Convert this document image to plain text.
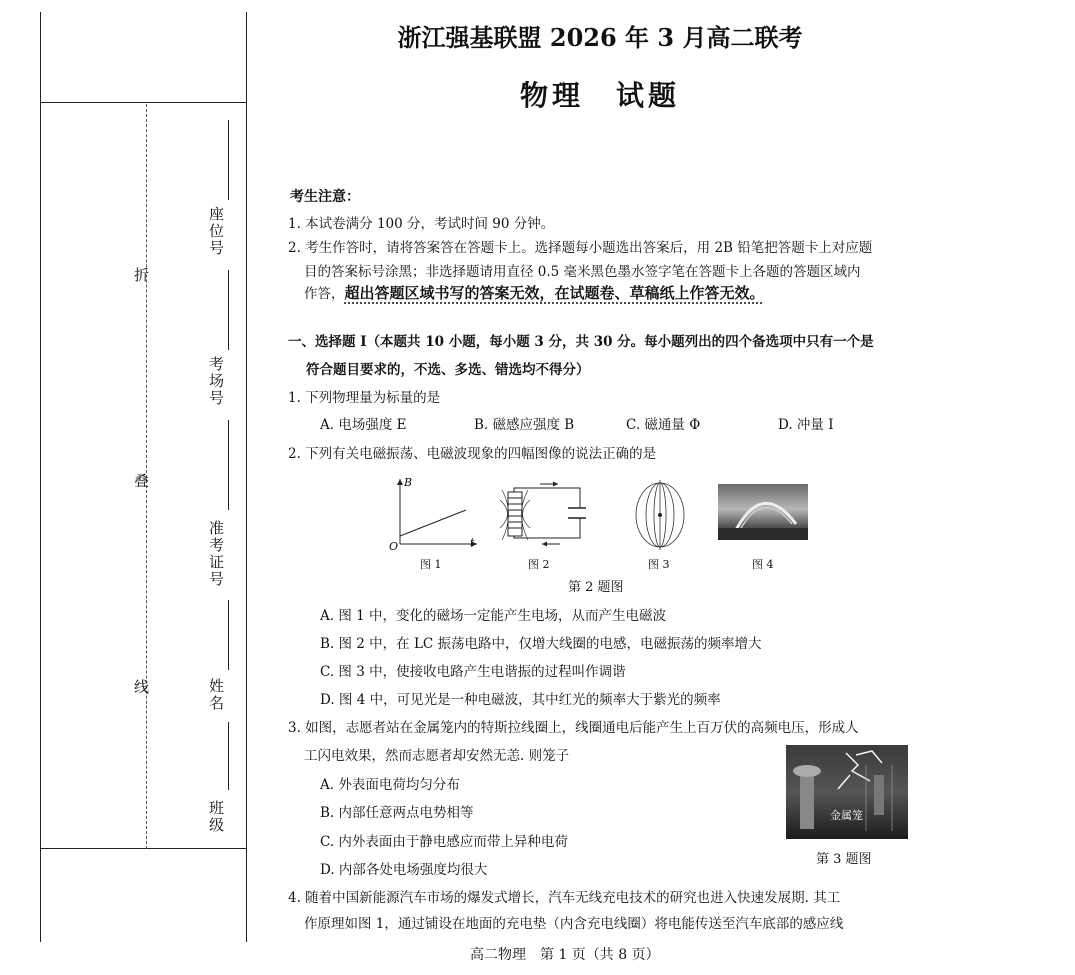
折
叠
线
座位号
考场号
准考证号
姓名
班级
浙江强基联盟 2026 年 3 月高二联考
物理　试题
考生注意：
1. 本试卷满分 100 分，考试时间 90 分钟。
2. 考生作答时，请将答案答在答题卡上。选择题每小题选出答案后，用 2B 铅笔把答题卡上对应题
目的答案标号涂黑；非选择题请用直径 0.5 毫米黑色墨水签字笔在答题卡上各题的答题区域内
作答，超出答题区域书写的答案无效，在试题卷、草稿纸上作答无效。
一、选择题 Ⅰ（本题共 10 小题，每小题 3 分，共 30 分。每小题列出的四个备选项中只有一个是
符合题目要求的，不选、多选、错选均不得分）
1. 下列物理量为标量的是
A. 电场强度 E	B. 磁感应强度 B	C. 磁通量 Φ	D. 冲量 I
2. 下列有关电磁振荡、电磁波现象的四幅图像的说法正确的是
B
t
O
图 1	图 2	图 3	图 4
第 2 题图
A. 图 1 中，变化的磁场一定能产生电场，从而产生电磁波
B. 图 2 中，在 LC 振荡电路中，仅增大线圈的电感，电磁振荡的频率增大
C. 图 3 中，使接收电路产生电谐振的过程叫作调谐
D. 图 4 中，可见光是一种电磁波，其中红光的频率大于紫光的频率
3. 如图，志愿者站在金属笼内的特斯拉线圈上，线圈通电后能产生上百万伏的高频电压，形成人
工闪电效果，然而志愿者却安然无恙. 则笼子
A. 外表面电荷均匀分布
B. 内部任意两点电势相等
C. 内外表面由于静电感应而带上异种电荷
D. 内部各处电场强度均很大
金属笼
第 3 题图
4. 随着中国新能源汽车市场的爆发式增长，汽车无线充电技术的研究也进入快速发展期. 其工
作原理如图 1，通过铺设在地面的充电垫（内含充电线圈）将电能传送至汽车底部的感应线
高二物理　第 1 页（共 8 页）
